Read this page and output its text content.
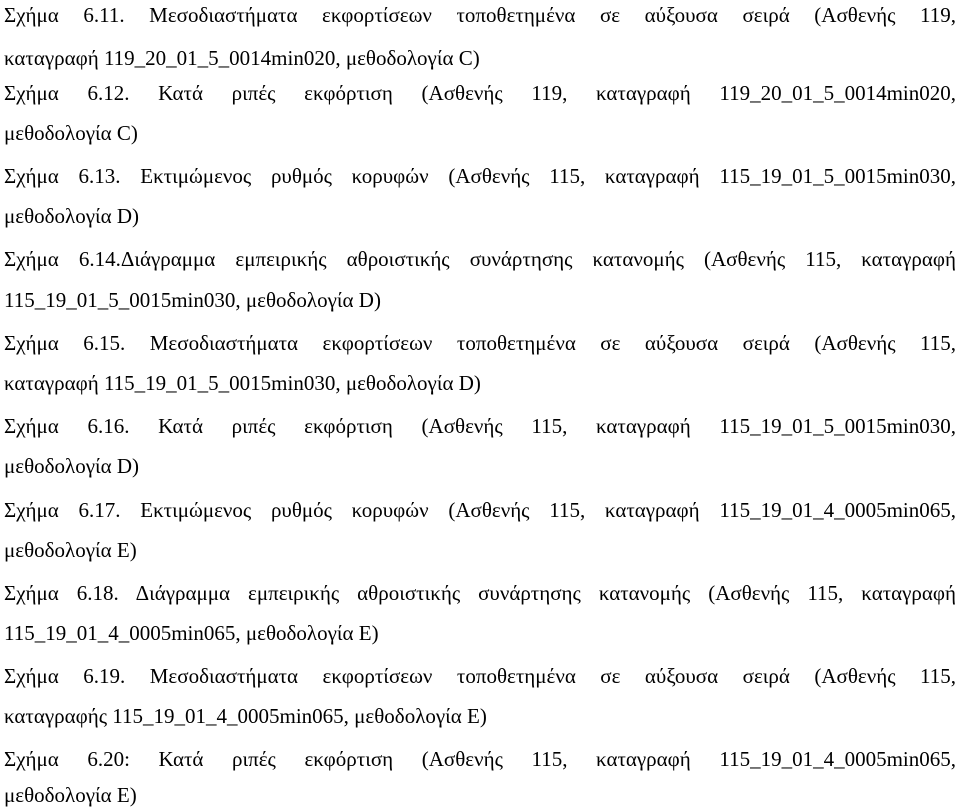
Σχήμα 6.11. Μεσοδιαστήματα εκφορτίσεων τοποθετημένα σε αύξουσα σειρά (Ασθενής 119,
καταγραφή 119_20_01_5_0014min020, μεθοδολογία C)
Σχήμα 6.12. Κατά ριπές εκφόρτιση (Ασθενής 119, καταγραφή 119_20_01_5_0014min020,
μεθοδολογία C)
Σχήμα 6.13. Εκτιμώμενος ρυθμός κορυφών (Ασθενής 115, καταγραφή 115_19_01_5_0015min030,
μεθοδολογία D)
Σχήμα 6.14.Διάγραμμα εμπειρικής αθροιστικής συνάρτησης κατανομής (Ασθενής 115, καταγραφή
115_19_01_5_0015min030, μεθοδολογία D)
Σχήμα 6.15. Μεσοδιαστήματα εκφορτίσεων τοποθετημένα σε αύξουσα σειρά (Ασθενής 115,
καταγραφή 115_19_01_5_0015min030, μεθοδολογία D)
Σχήμα 6.16. Κατά ριπές εκφόρτιση (Ασθενής 115, καταγραφή 115_19_01_5_0015min030,
μεθοδολογία D)
Σχήμα 6.17. Εκτιμώμενος ρυθμός κορυφών (Ασθενής 115, καταγραφή 115_19_01_4_0005min065,
μεθοδολογία E)
Σχήμα 6.18. Διάγραμμα εμπειρικής αθροιστικής συνάρτησης κατανομής (Ασθενής 115, καταγραφή
115_19_01_4_0005min065, μεθοδολογία E)
Σχήμα 6.19. Μεσοδιαστήματα εκφορτίσεων τοποθετημένα σε αύξουσα σειρά (Ασθενής 115,
καταγραφής 115_19_01_4_0005min065, μεθοδολογία E)
Σχήμα 6.20: Κατά ριπές εκφόρτιση (Ασθενής 115, καταγραφή 115_19_01_4_0005min065,
μεθοδολογία E)
